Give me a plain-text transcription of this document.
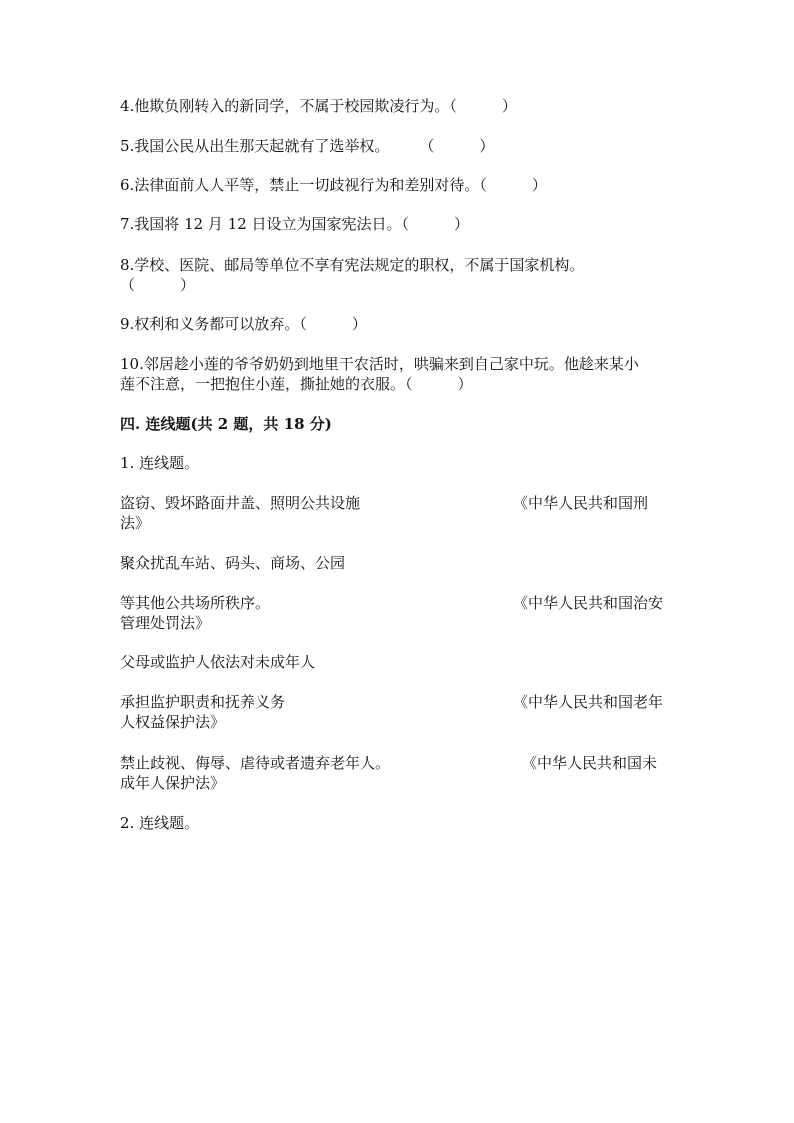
4.他欺负刚转入的新同学，不属于校园欺凌行为。（　　　）
5.我国公民从出生那天起就有了选举权。　　　（　　　）
6.法律面前人人平等，禁止一切歧视行为和差别对待。（　　　）
7.我国将 12 月 12 日设立为国家宪法日。（　　　）
8.学校、医院、邮局等单位不享有宪法规定的职权，不属于国家机构。
（　　　）
9.权利和义务都可以放弃。（　　　）
10.邻居趁小莲的爷爷奶奶到地里干农活时，哄骗来到自己家中玩。他趁来某小
莲不注意，一把抱住小莲，撕扯她的衣服。（　　　）
四. 连线题(共 2 题，共 18 分)
1. 连线题。
盗窃、毁坏路面井盖、照明公共设施	《中华人民共和国刑
法》
聚众扰乱车站、码头、商场、公园
等其他公共场所秩序。	《中华人民共和国治安
管理处罚法》
父母或监护人依法对未成年人
承担监护职责和抚养义务	《中华人民共和国老年
人权益保护法》
禁止歧视、侮辱、虐待或者遗弃老年人。	《中华人民共和国未
成年人保护法》
2. 连线题。
